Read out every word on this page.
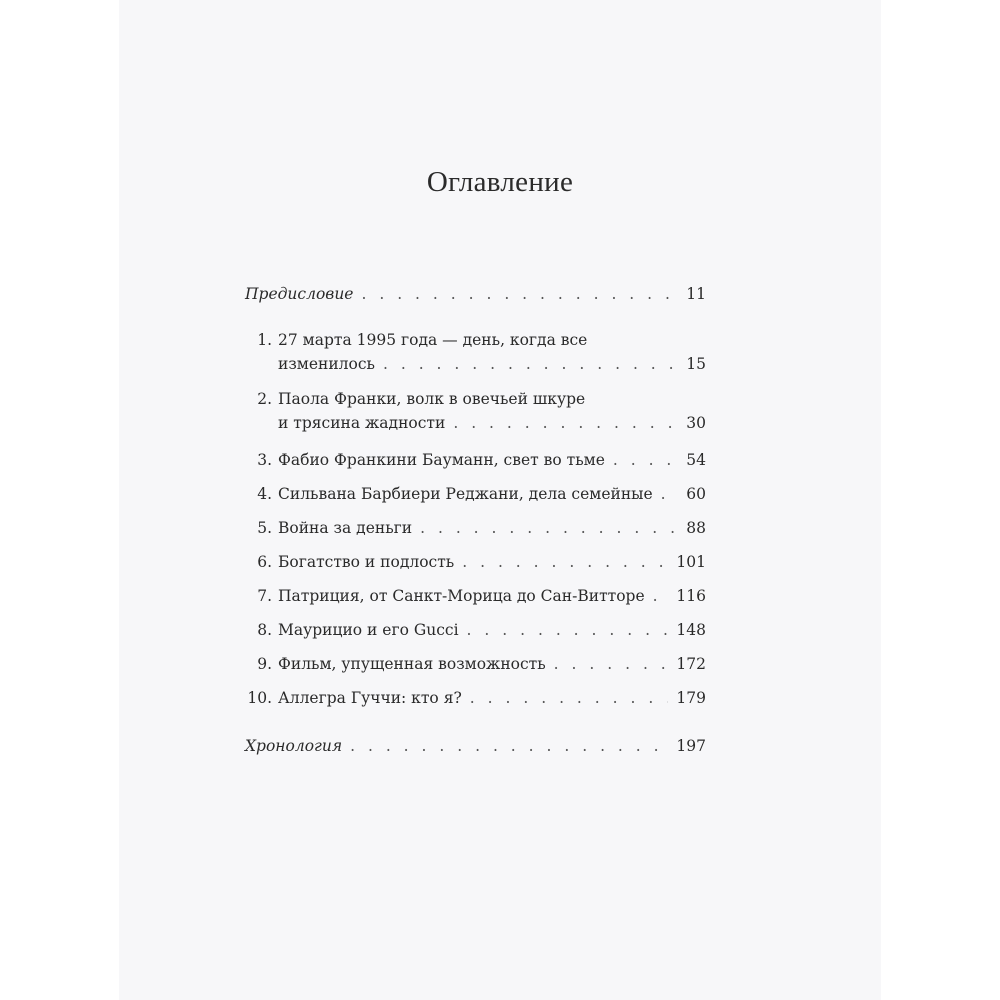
Оглавление
Предисловие . . .	11
1. 27 марта 1995 года — день, когда все
изменилось . . .	15
2. Паола Франки, волк в овечьей шкуре
и трясина жадности . . .	30
3. Фабио Франкини Бауманн, свет во тьме . . .	54
4. Сильвана Барбиери Реджани, дела семейные . . . 60
5. Война за деньги . . .	88
6. Богатство и подлость . . .	101
7. Патриция, от Санкт-Морица до Сан-Витторе . . . 116
8. Маурицио и его Gucci . . .	148
9. Фильм, упущенная возможность . . .	172
10. Аллегра Гуччи: кто я? . . .	179
Хронология . . .	197
